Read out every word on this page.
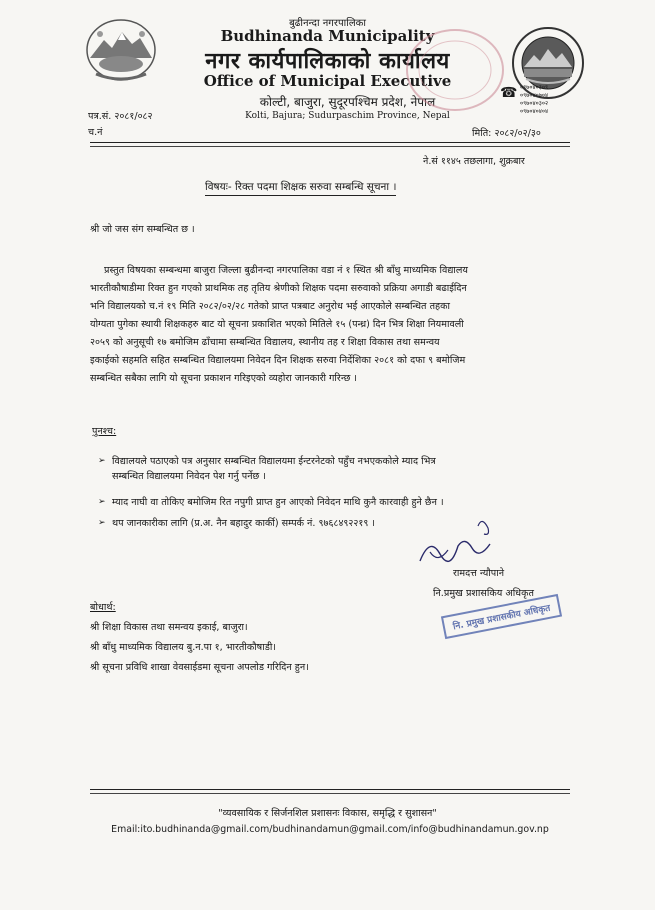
बुढीनन्दा नगरपालिका
Budhinanda Municipality
नगर कार्यपालिकाको कार्यालय
Office of Municipal Executive
कोल्टी, बाजुरा, सुदूरपश्चिम प्रदेश, नेपाल
Kolti, Bajura; Sudurpaschim Province, Nepal
☎ ०९७०४०३०९
०९७०४०७०४
०९७०४०३०२
०९७०४०४०४
पत्र.सं. २०८१/०८२
च.नं	मिति: २०८२/०२/३०
ने.सं ११४५ तछलागा, शुक्रबार
विषयः- रिक्त पदमा शिक्षक सरुवा सम्बन्धि सूचना ।
श्री जो जस संग सम्बन्धित छ ।
प्रस्तुत विषयका सम्बन्धमा बाजुरा जिल्ला बुढीनन्दा नगरपालिका वडा नं १ स्थित श्री बाँधु माध्यमिक विद्यालय
भारतीकौषाडीमा रिक्त हुन गएको प्राथमिक तह तृतिय श्रेणीको शिक्षक पदमा सरुवाको प्रक्रिया अगाडी बढाईदिन
भनि विद्यालयको च.नं १९ मिति २०८२/०२/२८ गतेको प्राप्त पत्रबाट अनुरोध भई आएकोले सम्बन्धित तहका
योग्यता पुगेका स्थायी शिक्षकहरु बाट यो सूचना प्रकाशित भएको मितिले १५ (पन्ध्र) दिन भित्र शिक्षा नियमावली
२०५९ को अनुसूची १७ बमोजिम ढाँचामा सम्बन्धित विद्यालय, स्थानीय तह र शिक्षा विकास तथा समन्वय
इकाईको सहमति सहित सम्बन्धित विद्यालयमा निवेदन दिन शिक्षक सरुवा निर्देशिका २०८१ को दफा ९ बमोजिम
सम्बन्धित सबैका लागि यो सूचना प्रकाशन गरिइएको व्यहोरा जानकारी गरिन्छ ।
पुनश्च:
➢ विद्यालयले पठाएको पत्र अनुसार सम्बन्धित विद्यालयमा ईन्टरनेटको पहुँच नभएककोले म्याद भित्र
सम्बन्धित विद्यालयमा निवेदन पेश गर्नु पर्नेछ ।
➢ म्याद नाघी वा तोकिए बमोजिम रित नपुगी प्राप्त हुन आएको निवेदन माथि कुनै कारवाही हुने छैन ।
➢ थप जानकारीका लागि (प्र.अ. नैन बहादुर कार्की) सम्पर्क नं. ९७६८४९२२१९ ।
रामदत्त न्यौपाने
नि.प्रमुख प्रशासकिय अधिकृत
नि. प्रमुख प्रशासकीय अधिकृत
बोधार्थ:
श्री शिक्षा विकास तथा समन्वय इकाई, बाजुरा।
श्री बाँधु माध्यमिक विद्यालय बु.न.पा १, भारतीकौषाडी।
श्री सूचना प्रविधि शाखा वेवसाईडमा सूचना अपलोड गरिदिन हुन।
"व्यवसायिक र सिर्जनशिल प्रशासनः विकास, समृद्धि र सुशासन"
Email:ito.budhinanda@gmail.com/budhinandamun@gmail.com/info@budhinandamun.gov.np
